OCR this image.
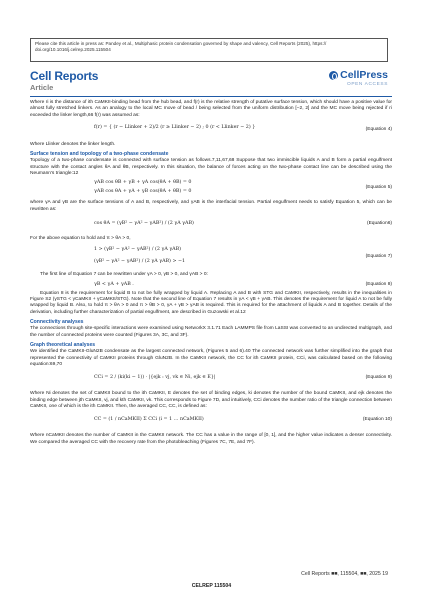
Please cite this article in press as: Pandey et al., Multiphasic protein condensation governed by shape and valency, Cell Reports (2025), https://
doi.org/10.1016/j.celrep.2025.115504
Cell Reports
Article
CellPress
OPEN ACCESS

Where ri is the distance of ith CaMKII-binding bead from the hub bead, and f(r) is the relative strength of putative surface tension, which should have a positive value for almost fully stretched linkers. As an analogy to the local MC move of bead / being selected from the uniform distribution [−2, 2] and the MC move being rejected if ri exceeded the linker length,66 f(r) was assumed as:

f(r) = { (r − Llinker + 2)/2 (r ≥ Llinker − 2) ; 0 (r < Llinker − 2) }	(Equation 4)

Where Llinker denotes the linker length.

Surface tension and topology of a two-phase condensate

Topology of a two-phase condensate is connected with surface tension as follows.7,11,67,68 Suppose that two immiscible liquids A and B form a partial engulfment structure with the contact angles θA and θB, respectively. In this situation, the balance of forces acting on the two-phase contact line can be described using the Neumann's triangle:12

γAB cos θB + γB + γA cos(θA + θB) = 0
γAB cos θA + γA + γB cos(θA + θB) = 0
(Equation 5)

where γA and γB are the surface tensions of A and B, respectively, and γAB is the interfacial tension. Partial engulfment needs to satisfy Equation 5, which can be rewritten as:

cos θA = (γB² − γA² − γAB²) / (2 γA γAB)	(Equation6)

For the above equation to hold and π > θA > 0,

1 > (γB² − γA² − γAB²) / (2 γA γAB)
(γB² − γA² − γAB²) / (2 γA γAB) > −1
(Equation 7)

The first line of Equation 7 can be rewritten under γA > 0, γB > 0, and γAB > 0:

γB < γA + γAB .	(Equation 8)

Equation 8 is the requirement for liquid B to not be fully wrapped by liquid A. Replacing A and B with STG and CaMKII, respectively, results in the inequalities in Figure S2 (γSTG < γCaMKII + γCaMKII/STG). Note that the second line of Equation 7 results in γA < γB + γAB. This denotes the requirement for liquid A to not be fully wrapped by liquid B. Also, to hold π > θA > 0 and π > θB > 0, γA + γB > γAB is required. This is required for the attachment of liquids A and B together. Details of the derivation, including further characterization of partial engulfment, are described in Guzowski et al.12

Connectivity analyses

The connections through site-specific interactions were examined using NetworkX 3.1.71 Each LAMMPS file from LaSSI was converted to an undirected multigraph, and the number of connected proteins were counted (Figures 3A, 3C, and 3F).

Graph theoretical analyses

We identified the CaMKII-GluN2B condensate as the largest connected network, (Figures 5 and 6).40 The connected network was further simplified into the graph that represented the connectivity of CaMKII proteins through GluN2B. In the CaMKII network, the CC for ith CaMKII protein, CCi, was calculated based on the following equation:69,70

CCi = 2 / (ki(ki − 1)) · |{ejk : vj, vk ∈ Ni, ejk ∈ E}|	(Equation 9)

Where Ni denotes the set of CaMKII bound to the ith CaMKII, E denotes the set of binding edges, ki denotes the number of the bound CaMKII, and ejk denotes the binding edge between jth CaMKII, vj, and kth CaMKII, vk. This corresponds to Figure 7D, and intuitively, CCi denotes the number ratio of the triangle connection between CaMKII, one of which is the ith CaMKII. Then, the averaged CC, CC, is defined as:

CC = (1 / nCaMKII) Σ CCi (i = 1 … nCaMKII)	(Equation 10)

Where nCaMKII denotes the number of CaMKII in the CaMKII network. The CC has a value in the range of [0, 1], and the higher value indicates a denser connectivity. We compared the averaged CC with the recovery rate from the photobleaching (Figures 7C, 7E, and 7F).

Cell Reports ■■, 115504, ■■, 2025 19
CELREP 115504
